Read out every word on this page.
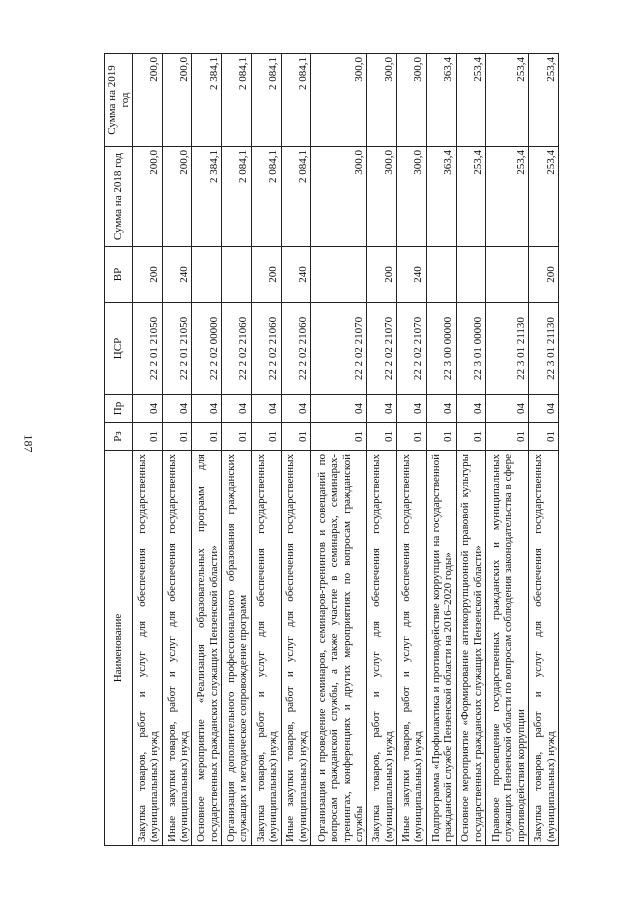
187
Наименование	Рз	Пр	ЦСР	ВР	Сумма на 2018 год	Сумма на 2019 год
Закупка товаров, работ и услуг для обеспечения государственных (муниципальных) нужд	01	04	22 2 01 21050	200	200,0	200,0
Иные закупки товаров, работ и услуг для обеспечения государственных (муниципальных) нужд	01	04	22 2 01 21050	240	200,0	200,0
Основное мероприятие «Реализация образовательных программ для государственных гражданских служащих Пензенской области»	01	04	22 2 02 00000		2 384,1	2 384,1
Организация дополнительного профессионального образования гражданских служащих и методическое сопровождение программ	01	04	22 2 02 21060		2 084,1	2 084,1
Закупка товаров, работ и услуг для обеспечения государственных (муниципальных) нужд	01	04	22 2 02 21060	200	2 084,1	2 084,1
Иные закупки товаров, работ и услуг для обеспечения государственных (муниципальных) нужд	01	04	22 2 02 21060	240	2 084,1	2 084,1
Организация и проведение семинаров, семинаров-тренингов и совещаний по вопросам гражданской службы, а также участие в семинарах, семинарах-тренингах, конференциях и других мероприятиях по вопросам гражданской службы	01	04	22 2 02 21070		300,0	300,0
Закупка товаров, работ и услуг для обеспечения государственных (муниципальных) нужд	01	04	22 2 02 21070	200	300,0	300,0
Иные закупки товаров, работ и услуг для обеспечения государственных (муниципальных) нужд	01	04	22 2 02 21070	240	300,0	300,0
Подпрограмма «Профилактика и противодействие коррупции на государственной гражданской службе Пензенской области на 2016–2020 годы»	01	04	22 3 00 00000		363,4	363,4
Основное мероприятие «Формирование антикоррупционной правовой культуры государственных гражданских служащих Пензенской области»	01	04	22 3 01 00000		253,4	253,4
Правовое просвещение государственных гражданских и муниципальных служащих Пензенской области по вопросам соблюдения законодательства в сфере противодействия коррупции	01	04	22 3 01 21130		253,4	253,4
Закупка товаров, работ и услуг для обеспечения государственных (муниципальных) нужд	01	04	22 3 01 21130	200	253,4	253,4
